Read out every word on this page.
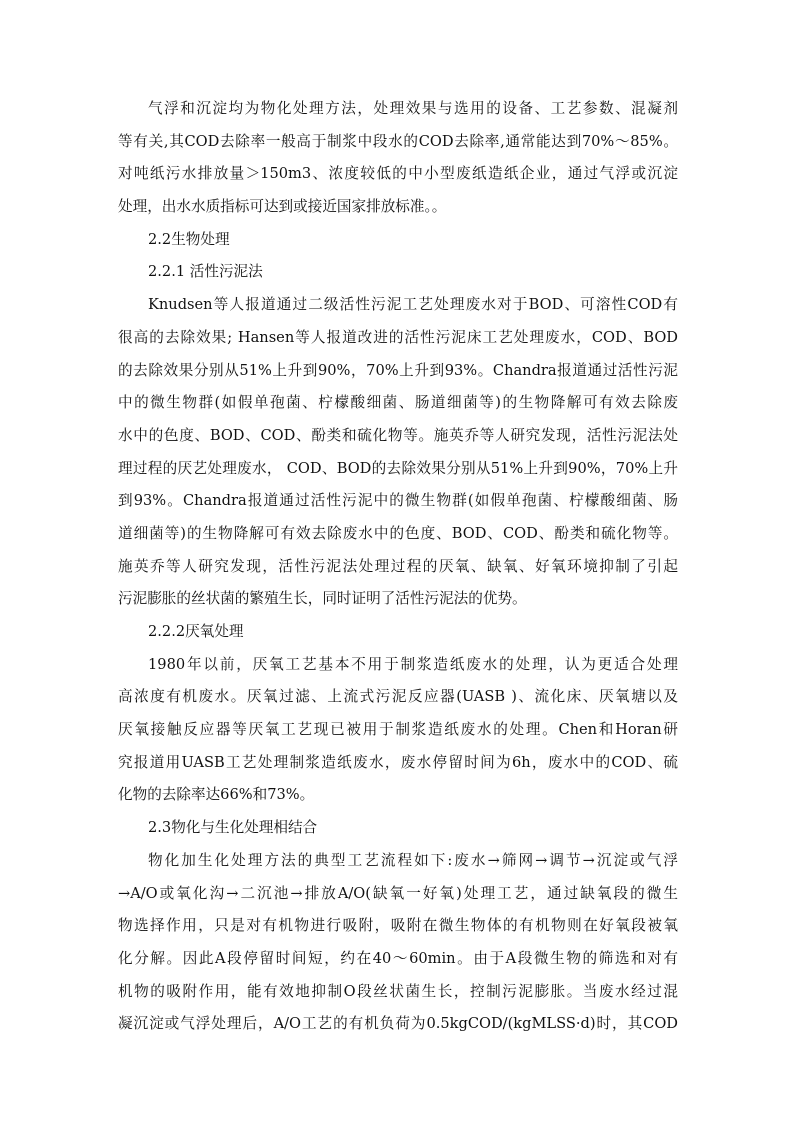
气浮和沉淀均为物化处理方法，处理效果与选用的设备、工艺参数、混凝剂
等有关,其COD去除率一般高于制浆中段水的COD去除率,通常能达到70%～85%。
对吨纸污水排放量＞150m3、浓度较低的中小型废纸造纸企业，通过气浮或沉淀
处理，出水水质指标可达到或接近国家排放标准。。
2.2生物处理
2.2.1 活性污泥法
Knudsen等人报道通过二级活性污泥工艺处理废水对于BOD、可溶性COD有
很高的去除效果; Hansen等人报道改进的活性污泥床工艺处理废水，COD、BOD
的去除效果分别从51%上升到90%，70%上升到93%。Chandra报道通过活性污泥
中的微生物群(如假单孢菌、柠檬酸细菌、肠道细菌等)的生物降解可有效去除废
水中的色度、BOD、COD、酚类和硫化物等。施英乔等人研究发现，活性污泥法处
理过程的厌艺处理废水， COD、BOD的去除效果分别从51%上升到90%，70%上升
到93%。Chandra报道通过活性污泥中的微生物群(如假单孢菌、柠檬酸细菌、肠
道细菌等)的生物降解可有效去除废水中的色度、BOD、COD、酚类和硫化物等。
施英乔等人研究发现，活性污泥法处理过程的厌氧、缺氧、好氧环境抑制了引起
污泥膨胀的丝状菌的繁殖生长，同时证明了活性污泥法的优势。
2.2.2厌氧处理
1980年以前，厌氧工艺基本不用于制浆造纸废水的处理，认为更适合处理
高浓度有机废水。厌氧过滤、上流式污泥反应器(UASB )、流化床、厌氧塘以及
厌氧接触反应器等厌氧工艺现已被用于制浆造纸废水的处理。Chen和Horan研
究报道用UASB工艺处理制浆造纸废水，废水停留时间为6h，废水中的COD、硫
化物的去除率达66%和73%。
2.3物化与生化处理相结合
物化加生化处理方法的典型工艺流程如下:废水→筛网→调节→沉淀或气浮
→A/O或氧化沟→二沉池→排放A/O(缺氧一好氧)处理工艺，通过缺氧段的微生
物选择作用，只是对有机物进行吸附，吸附在微生物体的有机物则在好氧段被氧
化分解。因此A段停留时间短，约在40～60min。由于A段微生物的筛选和对有
机物的吸附作用，能有效地抑制O段丝状菌生长，控制污泥膨胀。当废水经过混
凝沉淀或气浮处理后，A/O工艺的有机负荷为0.5kgCOD/(kgMLSS·d)时，其COD
